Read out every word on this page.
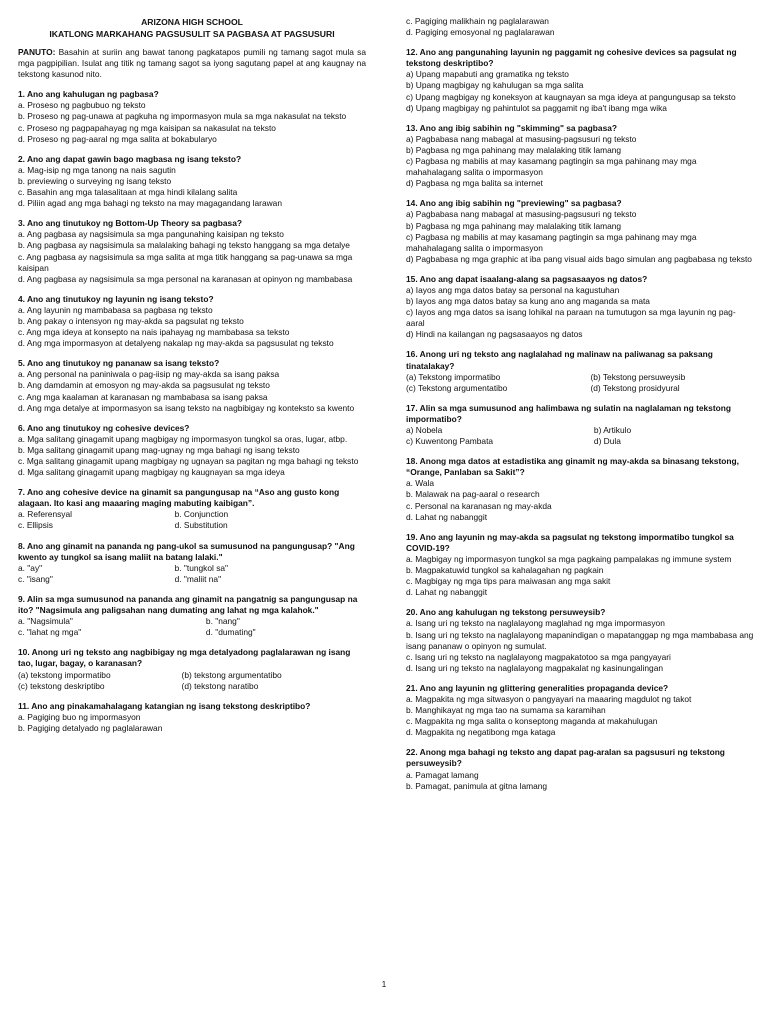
ARIZONA HIGH SCHOOL
IKATLONG MARKAHANG PAGSUSULIT SA PAGBASA AT PAGSUSURI
PANUTO: Basahin at suriin ang bawat tanong pagkatapos pumili ng tamang sagot mula sa mga pagpipilian. Isulat ang titik ng tamang sagot sa iyong sagutang papel at ang kaugnay na tekstong kasunod nito.
1. Ano ang kahulugan ng pagbasa?
a. Proseso ng pagbubuo ng teksto
b. Proseso ng pag-unawa at pagkuha ng impormasyon mula sa mga nakasulat na teksto
c. Proseso ng pagpapahayag ng mga kaisipan sa nakasulat na teksto
d. Proseso ng pag-aaral ng mga salita at bokabularyo
2. Ano ang dapat gawin bago magbasa ng isang teksto?
a. Mag-isip ng mga tanong na nais sagutin
b. previewing o surveying ng isang teksto
c. Basahin ang mga talasalitaan at mga hindi kilalang salita
d. Piliin agad ang mga bahagi ng teksto na may magagandang larawan
3. Ano ang tinutukoy ng Bottom-Up Theory sa pagbasa?
a. Ang pagbasa ay nagsisimula sa mga pangunahing kaisipan ng teksto
b. Ang pagbasa ay nagsisimula sa malalaking bahagi ng teksto hanggang sa mga detalye
c. Ang pagbasa ay nagsisimula sa mga salita at mga titik hanggang sa pag-unawa sa mga kaisipan
d. Ang pagbasa ay nagsisimula sa mga personal na karanasan at opinyon ng mambabasa
4. Ano ang tinutukoy ng layunin ng isang teksto?
a. Ang layunin ng mambabasa sa pagbasa ng teksto
b. Ang pakay o intensyon ng may-akda sa pagsulat ng teksto
c. Ang mga ideya at konsepto na nais ipahayag ng mambabasa sa teksto
d. Ang mga impormasyon at detalyeng nakalap ng may-akda sa pagsusulat ng teksto
5. Ano ang tinutukoy ng pananaw sa isang teksto?
a. Ang personal na paniniwala o pag-iisip ng may-akda sa isang paksa
b. Ang damdamin at emosyon ng may-akda sa pagsusulat ng teksto
c. Ang mga kaalaman at karanasan ng mambabasa sa isang paksa
d. Ang mga detalye at impormasyon sa isang teksto na nagbibigay ng konteksto sa kwento
6. Ano ang tinutukoy ng cohesive devices?
a. Mga salitang ginagamit upang magbigay ng impormasyon tungkol sa oras, lugar, atbp.
b. Mga salitang ginagamit upang mag-ugnay ng mga bahagi ng isang teksto
c. Mga salitang ginagamit upang magbigay ng ugnayan sa pagitan ng mga bahagi ng teksto
d. Mga salitang ginagamit upang magbigay ng kaugnayan sa mga ideya
7. Ano ang cohesive device na ginamit sa pangungusap na “Aso ang gusto kong alagaan. Ito kasi ang maaaring maging mabuting kaibigan”.
a. Referensyal	b. Conjunction
c. Ellipsis	d. Substitution
8. Ano ang ginamit na pananda ng pang-ukol sa sumusunod na pangungusap? "Ang kwento ay tungkol sa isang maliit na batang lalaki."
a. "ay"	b. "tungkol sa"
c. "isang"	d. "maliit na"
9. Alin sa mga sumusunod na pananda ang ginamit na pangatnig sa pangungusap na ito? "Nagsimula ang paligsahan nang dumating ang lahat ng mga kalahok."
a. "Nagsimula"	b. "nang"
c. "lahat ng mga"	d. "dumating"
10. Anong uri ng teksto ang nagbibigay ng mga detalyadong paglalarawan ng isang tao, lugar, bagay, o karanasan?
(a) tekstong impormatibo	(b) tekstong argumentatibo
(c) tekstong deskriptibo	(d) tekstong naratibo
11. Ano ang pinakamahalagang katangian ng isang tekstong deskriptibo?
a. Pagiging buo ng impormasyon
b. Pagiging detalyado ng paglalarawan
c. Pagiging malikhain ng paglalarawan
d. Pagiging emosyonal ng paglalarawan
12. Ano ang pangunahing layunin ng paggamit ng cohesive devices sa pagsulat ng tekstong deskriptibo?
a) Upang mapabuti ang gramatika ng teksto
b) Upang magbigay ng kahulugan sa mga salita
c) Upang magbigay ng koneksyon at kaugnayan sa mga ideya at pangungusap sa teksto
d) Upang magbigay ng pahintulot sa paggamit ng iba't ibang mga wika
13. Ano ang ibig sabihin ng "skimming" sa pagbasa?
a) Pagbabasa nang mabagal at masusing-pagsusuri ng teksto
b) Pagbasa ng mga pahinang may malalaking titik lamang
c) Pagbasa ng mabilis at may kasamang pagtingin sa mga pahinang may mga mahahalagang salita o impormasyon
d) Pagbasa ng mga balita sa internet
14. Ano ang ibig sabihin ng "previewing" sa pagbasa?
a) Pagbabasa nang mabagal at masusing-pagsusuri ng teksto
b) Pagbasa ng mga pahinang may malalaking titik lamang
c) Pagbasa ng mabilis at may kasamang pagtingin sa mga pahinang may mga mahahalagang salita o impormasyon
d) Pagbabasa ng mga graphic at iba pang visual aids bago simulan ang pagbabasa ng teksto
15. Ano ang dapat isaalang-alang sa pagsasaayos ng datos?
a) Iayos ang mga datos batay sa personal na kagustuhan
b) Iayos ang mga datos batay sa kung ano ang maganda sa mata
c) Iayos ang mga datos sa isang lohikal na paraan na tumutugon sa mga layunin ng pag-aaral
d) Hindi na kailangan ng pagsasaayos ng datos
16. Anong uri ng teksto ang naglalahad ng malinaw na paliwanag sa paksang tinatalakay?
(a) Tekstong impormatibo	(b) Tekstong persuweysib
(c) Tekstong argumentatibo	(d) Tekstong prosidyural
17. Alin sa mga sumusunod ang halimbawa ng sulatin na naglalaman ng tekstong impormatibo?
a) Nobela	b) Artikulo
c) Kuwentong Pambata	d) Dula
18. Anong mga datos at estadistika ang ginamit ng may-akda sa binasang tekstong, “Orange, Panlaban sa Sakit”?
a. Wala
b. Malawak na pag-aaral o research
c. Personal na karanasan ng may-akda
d. Lahat ng nabanggit
19. Ano ang layunin ng may-akda sa pagsulat ng tekstong impormatibo tungkol sa COVID-19?
a. Magbigay ng impormasyon tungkol sa mga pagkaing pampalakas ng immune system
b. Magpakatuwid tungkol sa kahalagahan ng pagkain
c. Magbigay ng mga tips para maiwasan ang mga sakit
d. Lahat ng nabanggit
20. Ano ang kahulugan ng tekstong persuweysib?
a. Isang uri ng teksto na naglalayong maglahad ng mga impormasyon
b. Isang uri ng teksto na naglalayong mapanindigan o mapatanggap ng mga mambabasa ang isang pananaw o opinyon ng sumulat.
c. Isang uri ng teksto na naglalayong magpakatotoo sa mga pangyayari
d. Isang uri ng teksto na naglalayong magpakalat ng kasinungalingan
21. Ano ang layunin ng glittering generalities propaganda device?
a. Magpakita ng mga sitwasyon o pangyayari na maaaring magdulot ng takot
b. Manghikayat ng mga tao na sumama sa karamihan
c. Magpakita ng mga salita o konseptong maganda at makahulugan
d. Magpakita ng negatibong mga kataga
22. Anong mga bahagi ng teksto ang dapat pag-aralan sa pagsusuri ng tekstong persuweysib?
a. Pamagat lamang
b. Pamagat, panimula at gitna lamang
1
